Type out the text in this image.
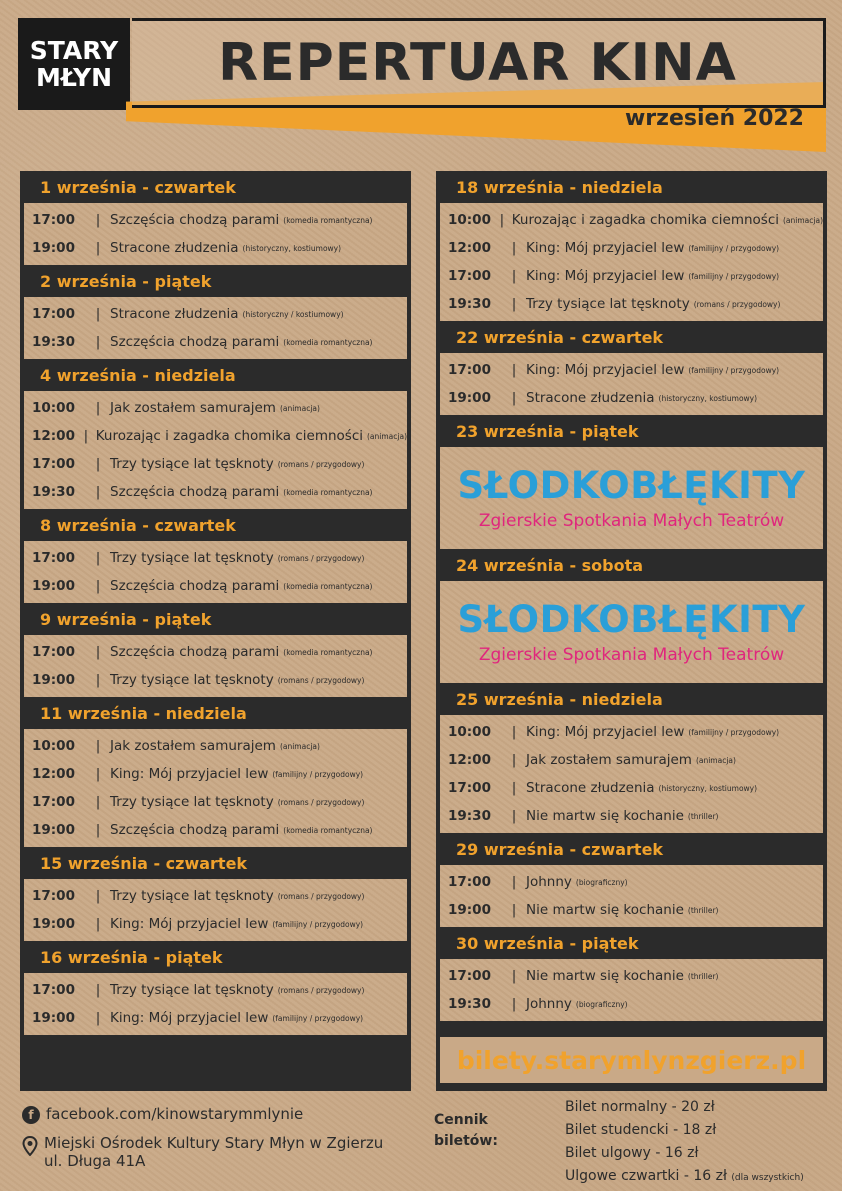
STARY
MŁYN REPERTUAR KINA
wrzesień 2022
1 września - czwartek
17:00	| Szczęścia chodzą parami (komedia romantyczna)
19:00	| Stracone złudzenia (historyczny, kostiumowy)
2 września - piątek
17:00	| Stracone złudzenia (historyczny / kostiumowy)
19:30	| Szczęścia chodzą parami (komedia romantyczna)
4 września - niedziela
10:00	| Jak zostałem samurajem (animacja)
12:00 | Kurozając i zagadka chomika ciemności (animacja)
17:00	| Trzy tysiące lat tęsknoty (romans / przygodowy)
19:30	| Szczęścia chodzą parami (komedia romantyczna)
8 września - czwartek
17:00	| Trzy tysiące lat tęsknoty (romans / przygodowy)
19:00	| Szczęścia chodzą parami (komedia romantyczna)
9 września - piątek
17:00	| Szczęścia chodzą parami (komedia romantyczna)
19:00	| Trzy tysiące lat tęsknoty (romans / przygodowy)
11 września - niedziela
10:00	| Jak zostałem samurajem (animacja)
12:00	| King: Mój przyjaciel lew (familijny / przygodowy)
17:00	| Trzy tysiące lat tęsknoty (romans / przygodowy)
19:00	| Szczęścia chodzą parami (komedia romantyczna)
15 września - czwartek
17:00	| Trzy tysiące lat tęsknoty (romans / przygodowy)
19:00	| King: Mój przyjaciel lew (familijny / przygodowy)
16 września - piątek
17:00	| Trzy tysiące lat tęsknoty (romans / przygodowy)
19:00	| King: Mój przyjaciel lew (familijny / przygodowy)
18 września - niedziela
10:00 | Kurozając i zagadka chomika ciemności (animacja)
12:00	| King: Mój przyjaciel lew (familijny / przygodowy)
17:00	| King: Mój przyjaciel lew (familijny / przygodowy)
19:30	| Trzy tysiące lat tęsknoty (romans / przygodowy)
22 września - czwartek
17:00	| King: Mój przyjaciel lew (familijny / przygodowy)
19:00	| Stracone złudzenia (historyczny, kostiumowy)
23 września - piątek
SŁODKOBŁĘKITY
Zgierskie Spotkania Małych Teatrów
24 września - sobota
SŁODKOBŁĘKITY
Zgierskie Spotkania Małych Teatrów
25 września - niedziela
10:00	| King: Mój przyjaciel lew (familijny / przygodowy)
12:00	| Jak zostałem samurajem (animacja)
17:00	| Stracone złudzenia (historyczny, kostiumowy)
19:30	| Nie martw się kochanie (thriller)
29 września - czwartek
17:00	| Johnny (biograficzny)
19:00	| Nie martw się kochanie (thriller)
30 września - piątek
17:00	| Nie martw się kochanie (thriller)
19:30	| Johnny (biograficzny)
bilety.starymlynzgierz.pl
f facebook.com/kinowstarymmlynie
Miejski Ośrodek Kultury Stary Młyn w Zgierzu
ul. Długa 41A
Cennik
biletów:
Bilet normalny - 20 zł
Bilet studencki - 18 zł
Bilet ulgowy - 16 zł
Ulgowe czwartki - 16 zł (dla wszystkich)
